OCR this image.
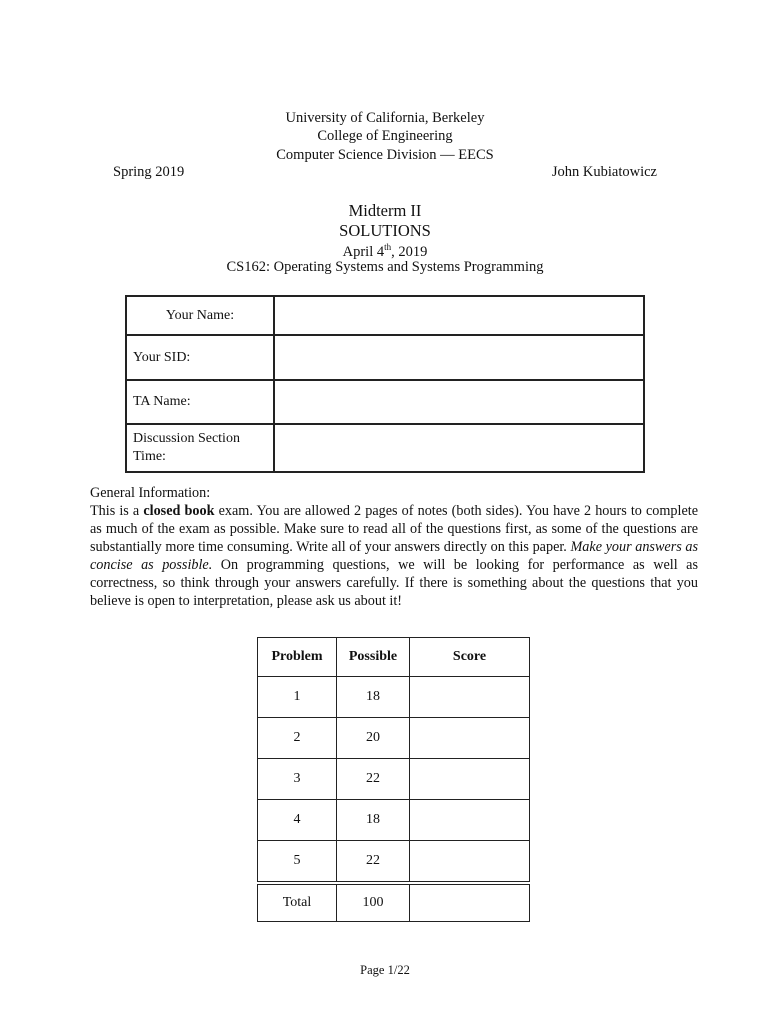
University of California, Berkeley
College of Engineering
Computer Science Division — EECS
Spring 2019	John Kubiatowicz
Midterm II
SOLUTIONS
April 4th, 2019
CS162: Operating Systems and Systems Programming
Your Name:	
Your SID:	
TA Name:	
Discussion Section Time:	
General Information:
This is a closed book exam. You are allowed 2 pages of notes (both sides). You have 2 hours to complete as much of the exam as possible. Make sure to read all of the questions first, as some of the questions are substantially more time consuming. Write all of your answers directly on this paper. Make your answers as concise as possible. On programming questions, we will be looking for performance as well as correctness, so think through your answers carefully. If there is something about the questions that you believe is open to interpretation, please ask us about it!
Problem	Possible	Score
1	18	
2	20	
3	22	
4	18	
5	22	
Total	100	
Page 1/22
